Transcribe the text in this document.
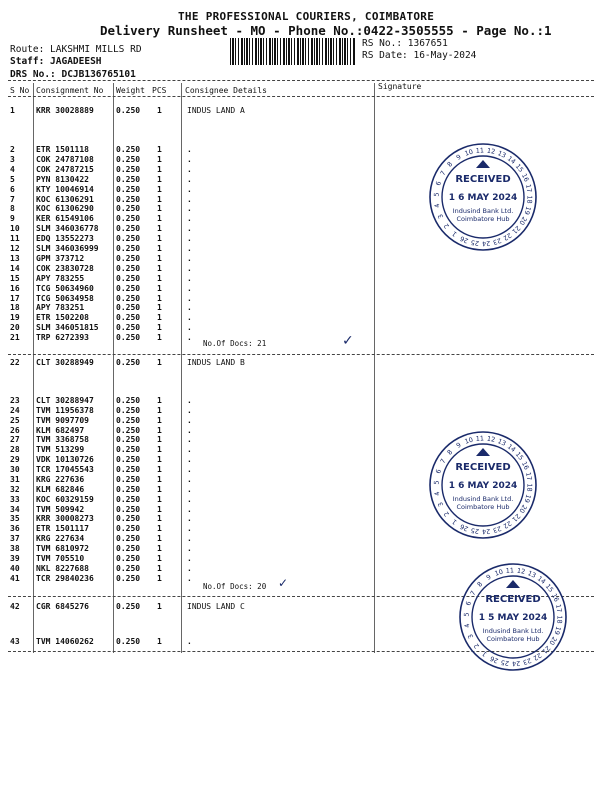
THE PROFESSIONAL COURIERS, COIMBATORE
Delivery Runsheet - MO - Phone No.:0422-3505555 - Page No.:1
Route: LAKSHMI MILLS RD
Staff: JAGADEESH
DRS No.: DCJB136765101
RS No.: 1367651
RS Date: 16-May-2024
S No Consignment No Weight PCS Consignee Details	Signature
1	KRR 30028889	0.250 1	INDUS LAND A
2	ETR 1501118	0.250 1	.
3	COK 24787108	0.250 1	.
4	COK 24787215	0.250 1	.
5	PYN 8130422	0.250 1	.
6	KTY 10046914	0.250 1	.
7	KOC 61306291	0.250 1	.
8	KOC 61306290	0.250 1	.
9	KER 61549106	0.250 1	.
10 SLM 346036778 0.250 1	.
11 EDQ 13552273	0.250 1	.
12 SLM 346036999 0.250 1	.
13 GPM 373712	0.250 1	.
14 COK 23830728	0.250 1	.
15 APY 783255	0.250 1	.
16 TCG 50634960	0.250 1	.
17 TCG 50634958	0.250 1	.
18 APY 783251	0.250 1	.
19 ETR 1502208	0.250 1	.
20 SLM 346051815 0.250 1	.
21 TRP 6272393	0.250 1	.
No.Of Docs: 21
22 CLT 30288949	0.250 1	INDUS LAND B
23 CLT 30288947	0.250 1	.
24 TVM 11956378	0.250 1	.
25 TVM 9097709	0.250 1	.
26 KLM 682497	0.250 1	.
27 TVM 3368758	0.250 1	.
28 TVM 513299	0.250 1	.
29 VDK 10130726	0.250 1	.
30 TCR 17045543	0.250 1	.
31 KRG 227636	0.250 1	.
32 KLM 682846	0.250 1	.
33 KOC 60329159	0.250 1	.
34 TVM 509942	0.250 1	.
35 KRR 30008273	0.250 1	.
36 ETR 1501117	0.250 1	.
37 KRG 227634	0.250 1	.
38 TVM 6810972	0.250 1	.
39 TVM 705510	0.250 1	.
40 NKL 8227688	0.250 1	.
41 TCR 29840236	0.250 1	.
No.Of Docs: 20
42 CGR 6845276	0.250 1	INDUS LAND C
43 TVM 14060262	0.250 1	.
9 10 11 12 13
14
15
16
17
18
19
20
21
22
23
24
25
26
1
2
3
4
5
6
7
8
RECEIVED
1 6 MAY 2024
Indusind Bank Ltd.
Coimbatore Hub
9 10 11 12 13
14
15
16
17
18
19
20
21
22
23
24
25
26
1
2
3
4
5
6
7
8
RECEIVED
1 6 MAY 2024
Indusind Bank Ltd.
Coimbatore Hub
9 10 11 12 13
14
15
16
17
18
19
20
21
22
23
24
25
26
1
2
3
4
5
6
7
8
RECEIVED
1 5 MAY 2024
Indusind Bank Ltd.
Coimbatore Hub
✓
✓
